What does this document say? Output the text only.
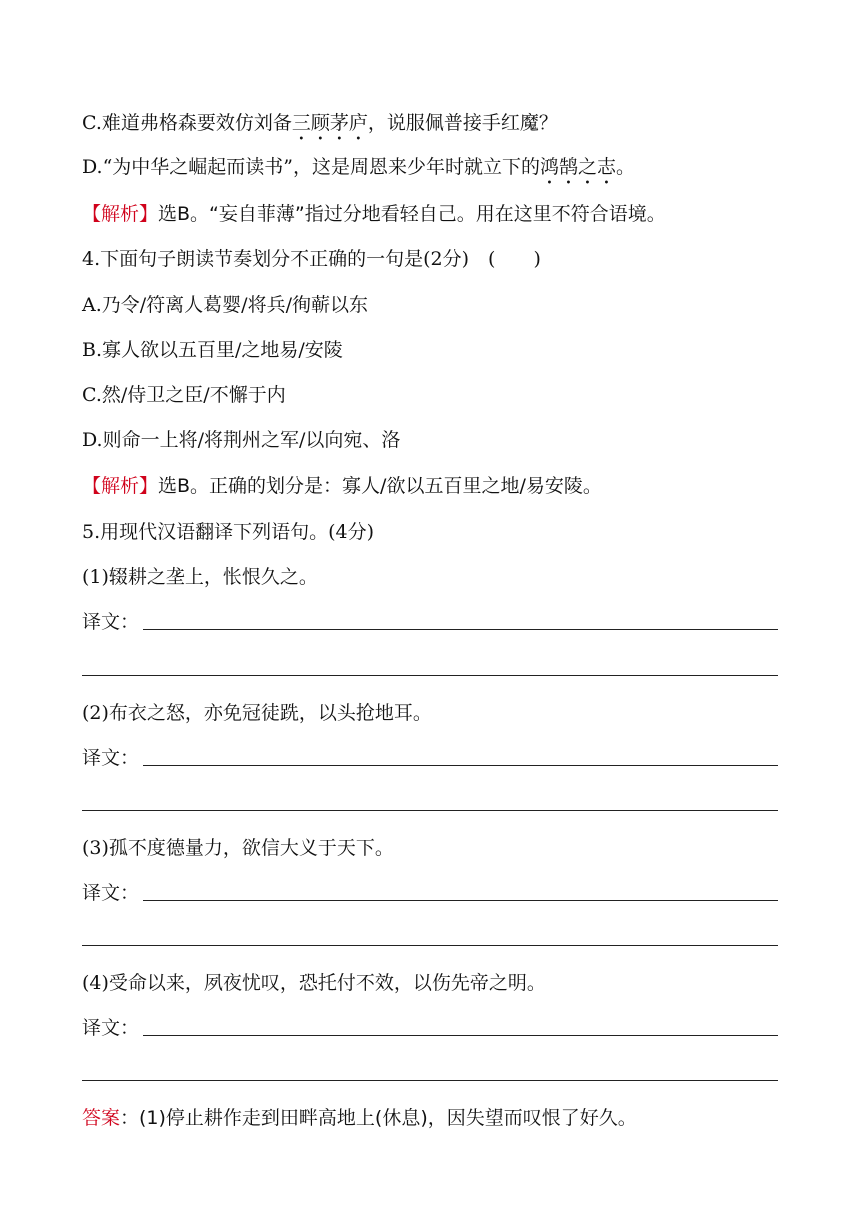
C.难道弗格森要效仿刘备三顾茅庐，说服佩普接手红魔？
D.“为中华之崛起而读书”，这是周恩来少年时就立下的鸿鹄之志。
【解析】选B。“妄自菲薄”指过分地看轻自己。用在这里不符合语境。
4.下面句子朗读节奏划分不正确的一句是(2分)　(　　)
A.乃令/符离人葛婴/将兵/徇蕲以东
B.寡人欲以五百里/之地易/安陵
C.然/侍卫之臣/不懈于内
D.则命一上将/将荆州之军/以向宛、洛
【解析】选B。正确的划分是：寡人/欲以五百里之地/易安陵。
5.用现代汉语翻译下列语句。(4分)
(1)辍耕之垄上，怅恨久之。
译文：
(2)布衣之怒，亦免冠徒跣，以头抢地耳。
译文：
(3)孤不度德量力，欲信大义于天下。
译文：
(4)受命以来，夙夜忧叹，恐托付不效，以伤先帝之明。
译文：
答案：(1)停止耕作走到田畔高地上(休息)，因失望而叹恨了好久。
